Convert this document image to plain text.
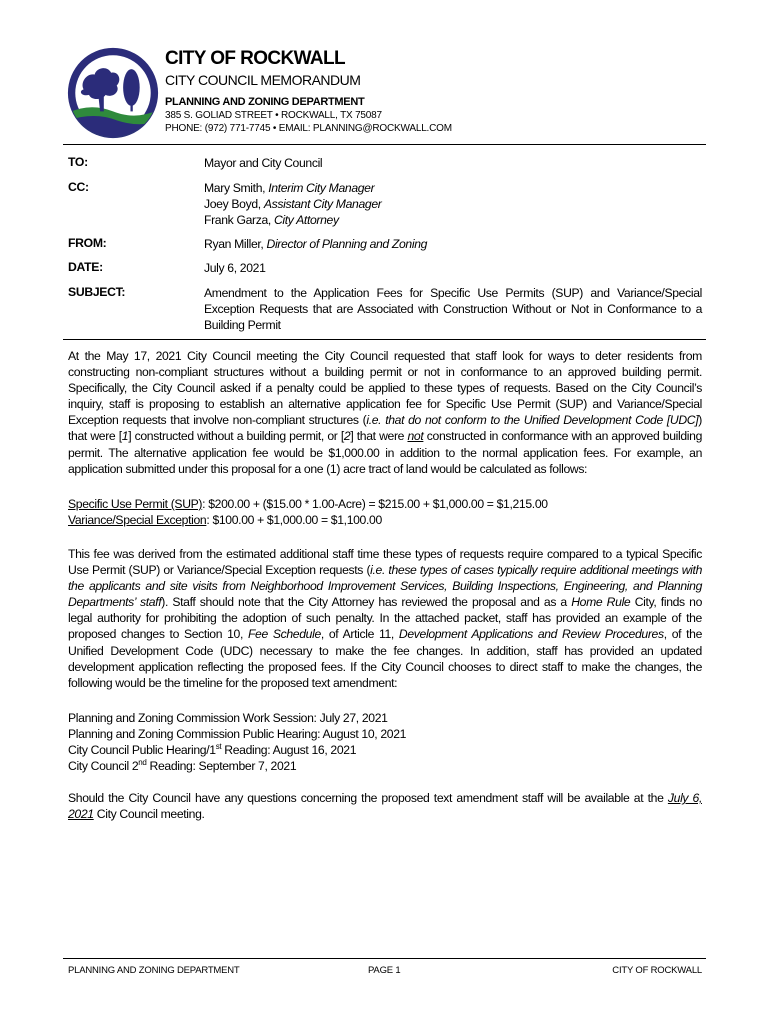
CITY OF ROCKWALL
CITY COUNCIL MEMORANDUM
PLANNING AND ZONING DEPARTMENT
385 S. GOLIAD STREET • ROCKWALL, TX 75087
PHONE: (972) 771-7745 • EMAIL: PLANNING@ROCKWALL.COM
TO:	Mayor and City Council
CC:	Mary Smith, Interim City Manager
Joey Boyd, Assistant City Manager
Frank Garza, City Attorney
FROM:	Ryan Miller, Director of Planning and Zoning
DATE:	July 6, 2021
SUBJECT:	Amendment to the Application Fees for Specific Use Permits (SUP) and Variance/Special Exception Requests that are Associated with Construction Without or Not in Conformance to a Building Permit

At the May 17, 2021 City Council meeting the City Council requested that staff look for ways to deter residents from constructing non-compliant structures without a building permit or not in conformance to an approved building permit. Specifically, the City Council asked if a penalty could be applied to these types of requests. Based on the City Council’s inquiry, staff is proposing to establish an alternative application fee for Specific Use Permit (SUP) and Variance/Special Exception requests that involve non-compliant structures (i.e. that do not conform to the Unified Development Code [UDC]) that were [1] constructed without a building permit, or [2] that were not constructed in conformance with an approved building permit. The alternative application fee would be $1,000.00 in addition to the normal application fees. For example, an application submitted under this proposal for a one (1) acre tract of land would be calculated as follows:

Specific Use Permit (SUP): $200.00 + ($15.00 * 1.00-Acre) = $215.00 + $1,000.00 = $1,215.00
Variance/Special Exception: $100.00 + $1,000.00 = $1,100.00

This fee was derived from the estimated additional staff time these types of requests require compared to a typical Specific Use Permit (SUP) or Variance/Special Exception requests (i.e. these types of cases typically require additional meetings with the applicants and site visits from Neighborhood Improvement Services, Building Inspections, Engineering, and Planning Departments’ staff). Staff should note that the City Attorney has reviewed the proposal and as a Home Rule City, finds no legal authority for prohibiting the adoption of such penalty. In the attached packet, staff has provided an example of the proposed changes to Section 10, Fee Schedule, of Article 11, Development Applications and Review Procedures, of the Unified Development Code (UDC) necessary to make the fee changes. In addition, staff has provided an updated development application reflecting the proposed fees. If the City Council chooses to direct staff to make the changes, the following would be the timeline for the proposed text amendment:

Planning and Zoning Commission Work Session: July 27, 2021
Planning and Zoning Commission Public Hearing: August 10, 2021
City Council Public Hearing/1st Reading: August 16, 2021
City Council 2nd Reading: September 7, 2021

Should the City Council have any questions concerning the proposed text amendment staff will be available at the July 6, 2021 City Council meeting.

PLANNING AND ZONING DEPARTMENT	PAGE 1	CITY OF ROCKWALL
